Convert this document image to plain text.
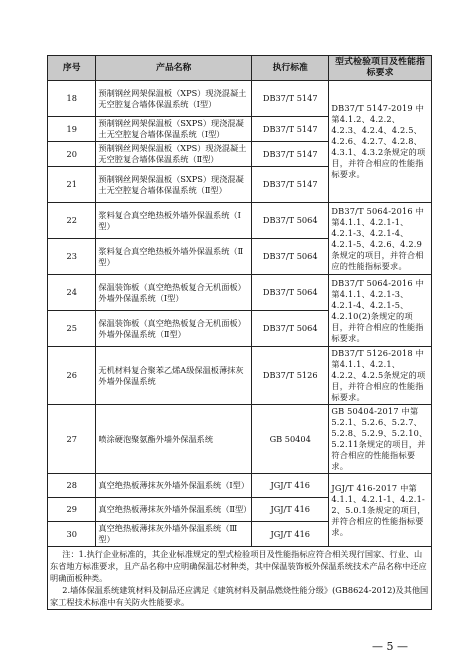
序号	产品名称	执行标准	型式检验项目及性能指标要求
18	预制钢丝网架保温板（XPS）现浇混凝土无空腔复合墙体保温系统（Ⅰ型）	DB37/T 5147	DB37/T 5147-2019 中第4.1.2、4.2.2、4.2.3、4.2.4、4.2.5、4.2.6、4.2.7、4.2.8、4.3.1、4.3.2条规定的项目，并符合相应的性能指标要求。
19	预制钢丝网架保温板（SXPS）现浇混凝土无空腔复合墙体保温系统（Ⅰ型）	DB37/T 5147	
20	预制钢丝网架保温板（XPS）现浇混凝土无空腔复合墙体保温系统（Ⅱ型）	DB37/T 5147	
21	预制钢丝网架保温板（SXPS）现浇混凝土无空腔复合墙体保温系统（Ⅱ型）	DB37/T 5147	
22	浆料复合真空绝热板外墙外保温系统（Ⅰ型）	DB37/T 5064	DB37/T 5064-2016 中第4.1.1、4.2.1-1、4.2.1-3、4.2.1-4、4.2.1-5、4.2.6、4.2.9条规定的项目，并符合相应的性能指标要求。
23	浆料复合真空绝热板外墙外保温系统（Ⅱ型）	DB37/T 5064	
24	保温装饰板（真空绝热板复合无机面板）外墙外保温系统（Ⅰ型）	DB37/T 5064	DB37/T 5064-2016 中第4.1.1、4.2.1-3、4.2.1-4、4.2.1-5、4.2.10(2)条规定的项目，并符合相应的性能指标要求。
25	保温装饰板（真空绝热板复合无机面板）外墙外保温系统（Ⅱ型）	DB37/T 5064	
26	无机材料复合聚苯乙烯A级保温板薄抹灰外墙外保温系统	DB37/T 5126	DB37/T 5126-2018 中第4.1.1、4.2.1、4.2.2、4.2.5条规定的项目，并符合相应的性能指标要求。
27	喷涂硬泡聚氨酯外墙外保温系统	GB 50404	GB 50404-2017 中第5.2.1、5.2.6、5.2.7、5.2.8、5.2.9、5.2.10、5.2.11条规定的项目，并符合相应的性能指标要求。
28	真空绝热板薄抹灰外墙外保温系统（Ⅰ型）	JGJ/T 416	JGJ/T 416-2017 中第4.1.1、4.2.1-1、4.2.1-2、5.0.1条规定的项目，并符合相应的性能指标要求。
29	真空绝热板薄抹灰外墙外保温系统（Ⅱ型）	JGJ/T 416	
30	真空绝热板薄抹灰外墙外保温系统（Ⅲ型）	JGJ/T 416	

注：1.执行企业标准的，其企业标准规定的型式检验项目及性能指标应符合相关现行国家、行业、山东省地方标准要求，且产品名称中应明确保温芯材种类，其中保温装饰板外保温系统技术产品名称中还应明确面板种类。

2.墙体保温系统建筑材料及制品还应满足《建筑材料及制品燃烧性能分级》(GB8624-2012)及其他国家工程技术标准中有关防火性能要求。			

— 5 —
